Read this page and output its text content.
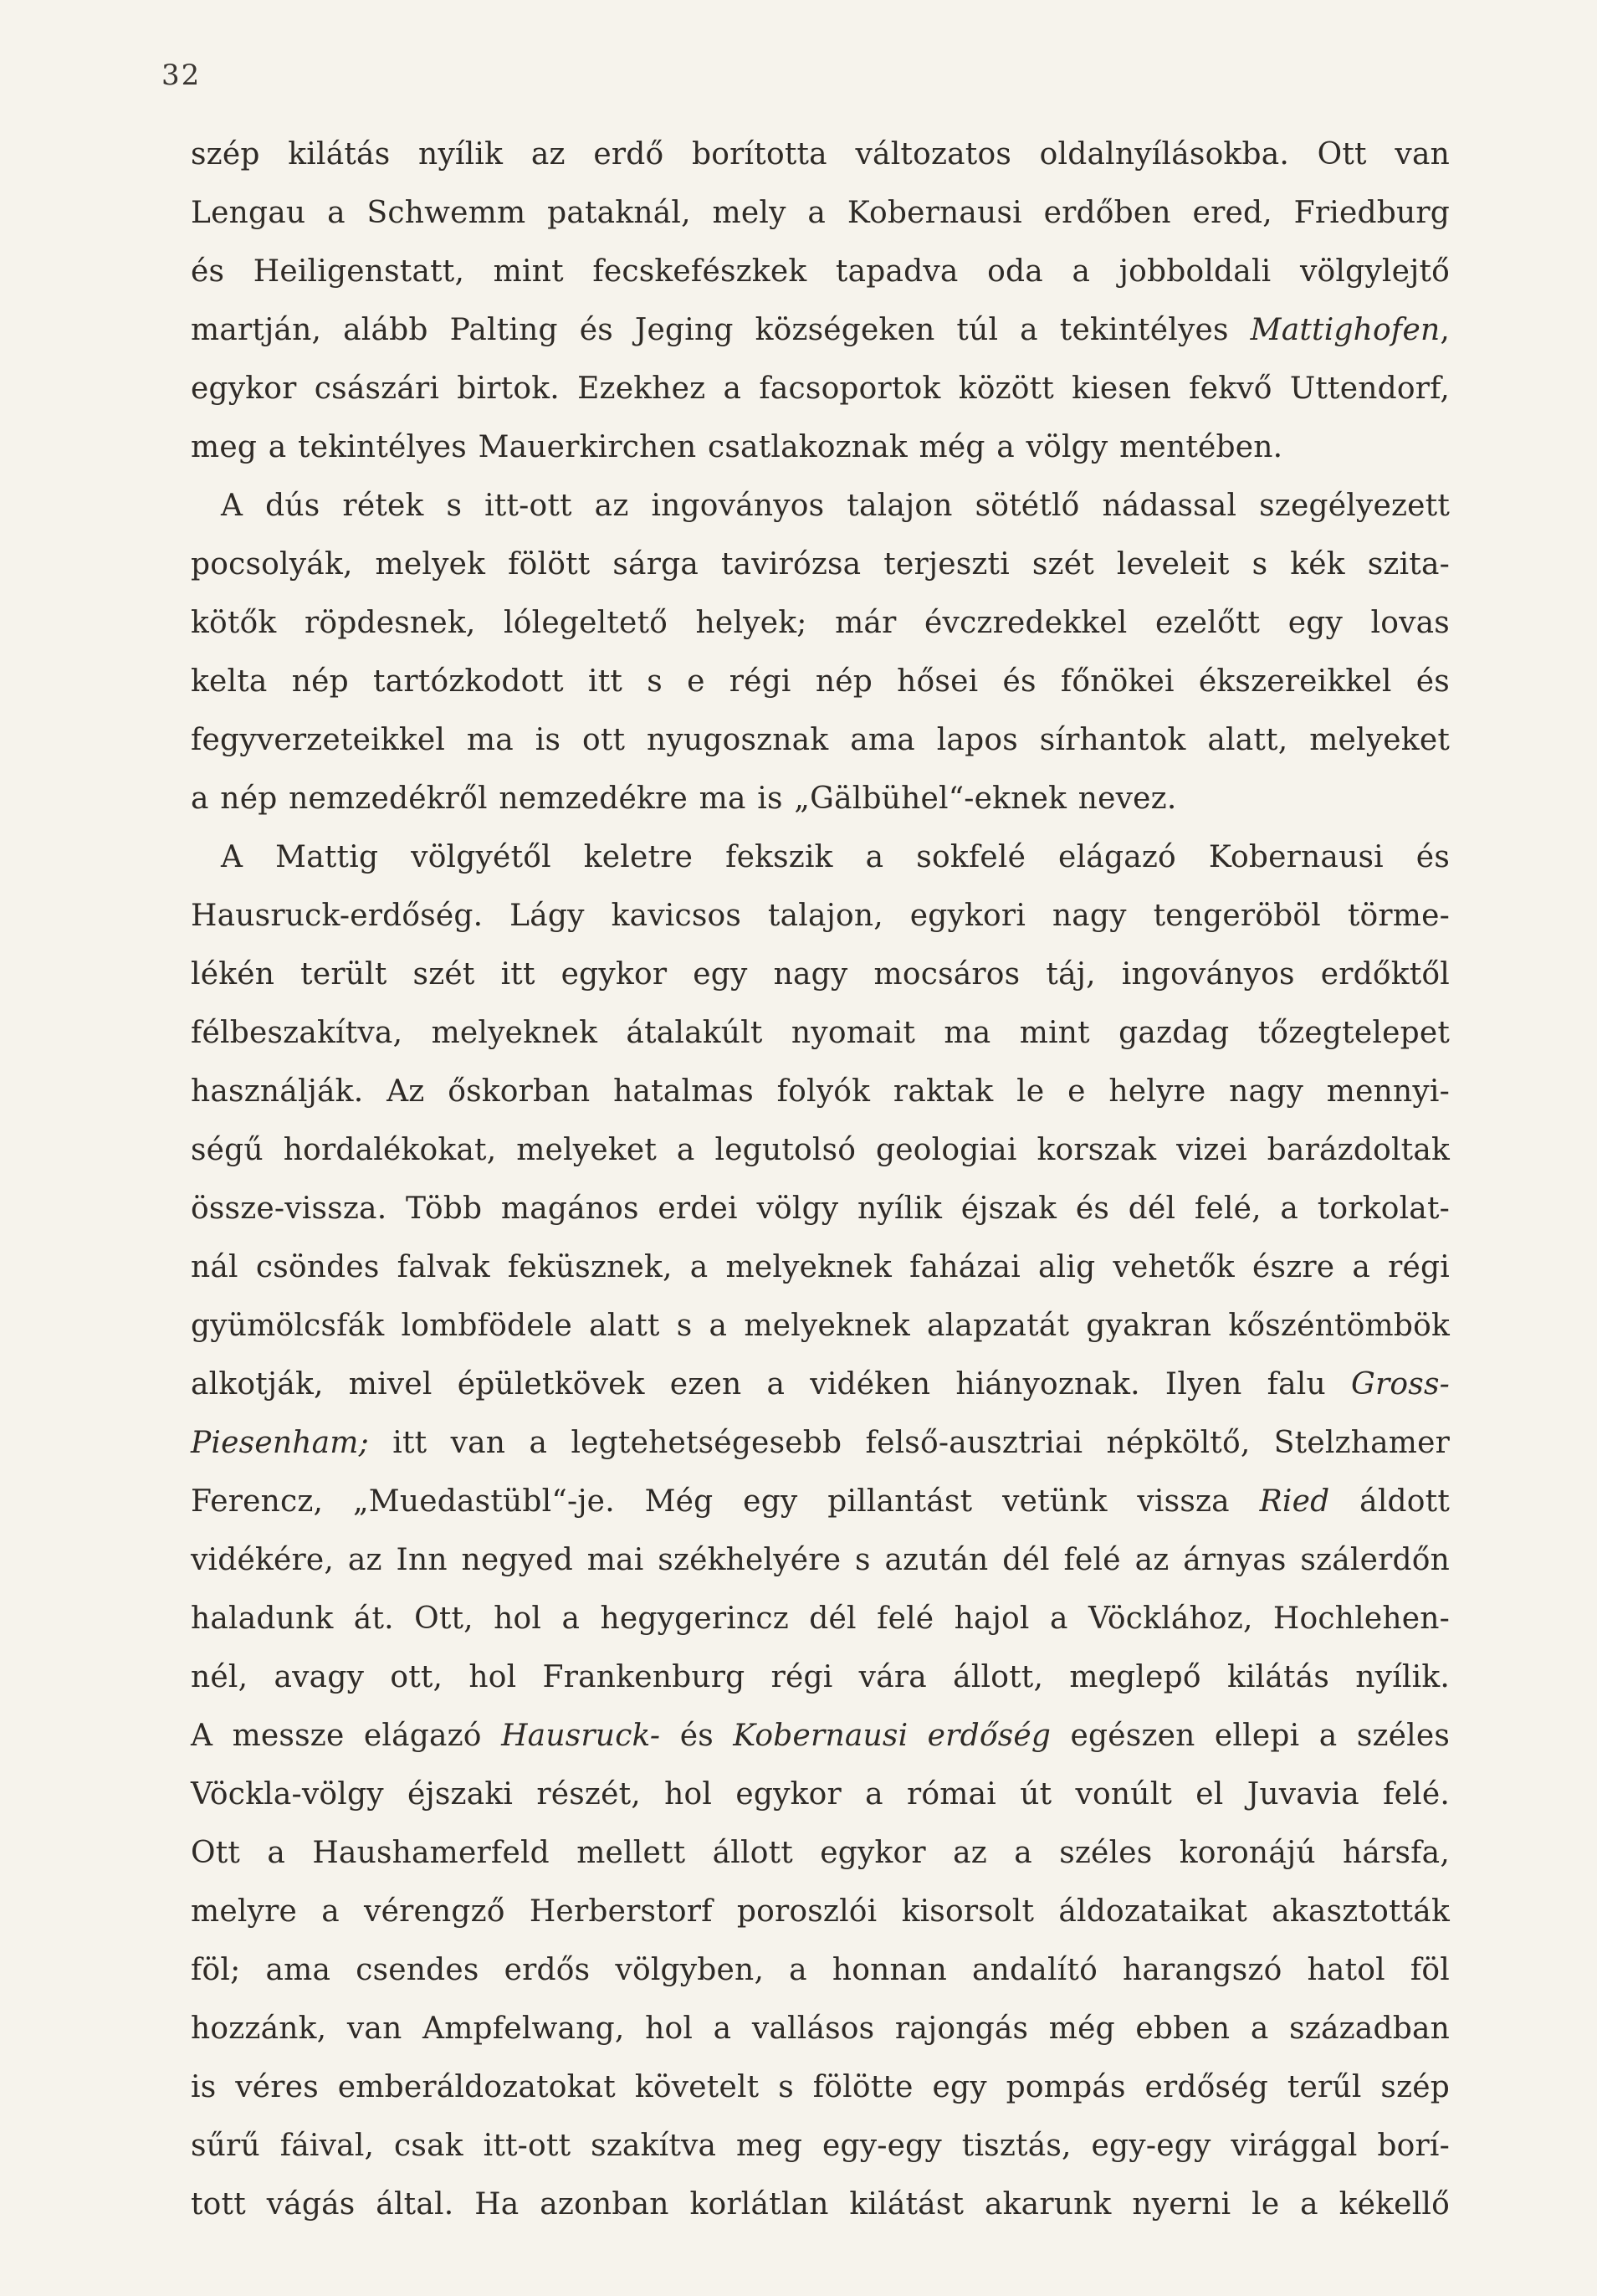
32
szép kilátás nyílik az erdő borította változatos oldalnyílásokba. Ott van
Lengau a Schwemm pataknál, mely a Kobernausi erdőben ered, Friedburg
és Heiligenstatt, mint fecskefészkek tapadva oda a jobboldali völgylejtő
martján, alább Palting és Jeging községeken túl a tekintélyes Mattighofen,
egykor császári birtok. Ezekhez a facsoportok között kiesen fekvő Uttendorf,
meg a tekintélyes Mauerkirchen csatlakoznak még a völgy mentében.
A dús rétek s itt-ott az ingoványos talajon sötétlő nádassal szegélyezett
pocsolyák, melyek fölött sárga tavirózsa terjeszti szét leveleit s kék szita-
kötők röpdesnek, lólegeltető helyek; már évczredekkel ezelőtt egy lovas
kelta nép tartózkodott itt s e régi nép hősei és főnökei ékszereikkel és
fegyverzeteikkel ma is ott nyugosznak ama lapos sírhantok alatt, melyeket
a nép nemzedékről nemzedékre ma is „Gälbühel“-eknek nevez.
A Mattig völgyétől keletre fekszik a sokfelé elágazó Kobernausi és
Hausruck-erdőség. Lágy kavicsos talajon, egykori nagy tengeröböl törme-
lékén terült szét itt egykor egy nagy mocsáros táj, ingoványos erdőktől
félbeszakítva, melyeknek átalakúlt nyomait ma mint gazdag tőzegtelepet
használják. Az őskorban hatalmas folyók raktak le e helyre nagy mennyi-
ségű hordalékokat, melyeket a legutolsó geologiai korszak vizei barázdoltak
össze-vissza. Több magános erdei völgy nyílik éjszak és dél felé, a torkolat-
nál csöndes falvak feküsznek, a melyeknek faházai alig vehetők észre a régi
gyümölcsfák lombfödele alatt s a melyeknek alapzatát gyakran kőszéntömbök
alkotják, mivel épületkövek ezen a vidéken hiányoznak. Ilyen falu Gross-
Piesenham; itt van a legtehetségesebb felső-ausztriai népköltő, Stelzhamer
Ferencz, „Muedastübl“-je. Még egy pillantást vetünk vissza Ried áldott
vidékére, az Inn negyed mai székhelyére s azután dél felé az árnyas szálerdőn
haladunk át. Ott, hol a hegygerincz dél felé hajol a Vöcklához, Hochlehen-
nél, avagy ott, hol Frankenburg régi vára állott, meglepő kilátás nyílik.
A messze elágazó Hausruck- és Kobernausi erdőség egészen ellepi a széles
Vöckla-völgy éjszaki részét, hol egykor a római út vonúlt el Juvavia felé.
Ott a Haushamerfeld mellett állott egykor az a széles koronájú hársfa,
melyre a vérengző Herberstorf poroszlói kisorsolt áldozataikat akasztották
föl; ama csendes erdős völgyben, a honnan andalító harangszó hatol föl
hozzánk, van Ampfelwang, hol a vallásos rajongás még ebben a században
is véres emberáldozatokat követelt s fölötte egy pompás erdőség terűl szép
sűrű fáival, csak itt-ott szakítva meg egy-egy tisztás, egy-egy virággal borí-
tott vágás által. Ha azonban korlátlan kilátást akarunk nyerni le a kékellő
